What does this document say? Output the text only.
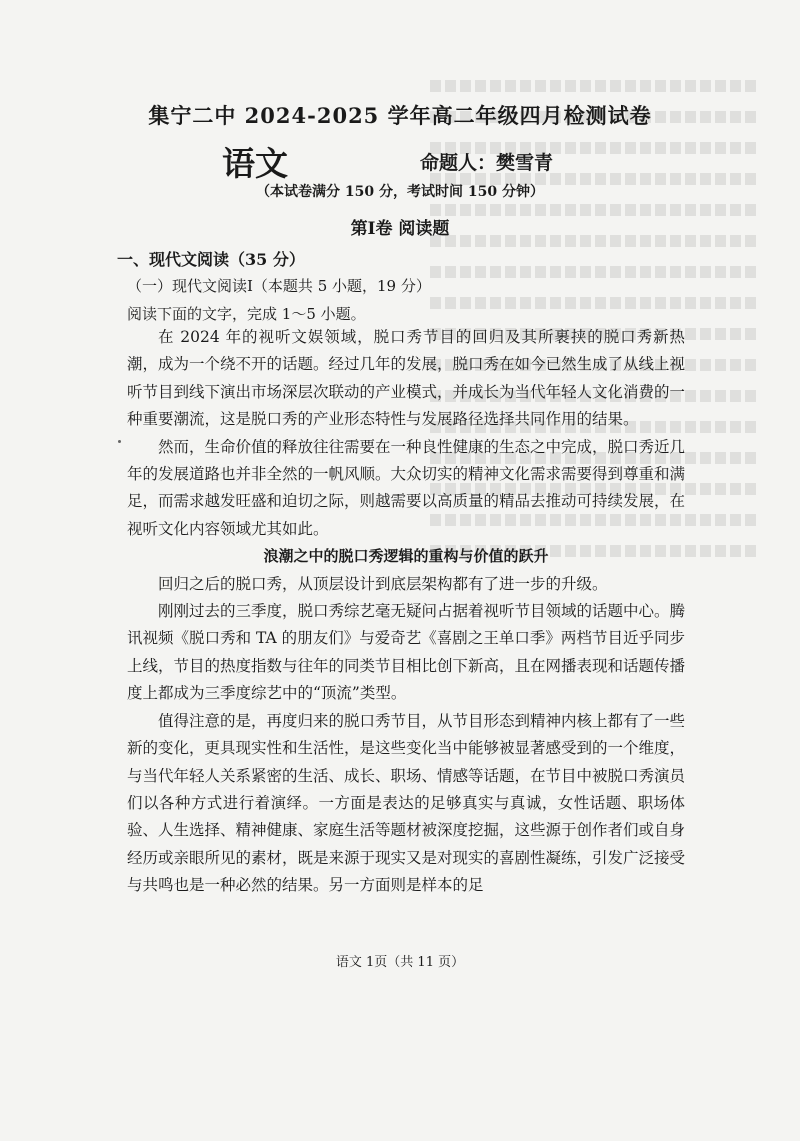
集宁二中 2024-2025 学年高二年级四月检测试卷
语文	命题人：樊雪青
（本试卷满分 150 分，考试时间 150 分钟）
第Ⅰ卷 阅读题
一、现代文阅读（35 分）
（一）现代文阅读Ⅰ（本题共 5 小题，19 分）
阅读下面的文字，完成 1～5 小题。

在 2024 年的视听文娱领域，脱口秀节目的回归及其所裹挟的脱口秀新热潮，成为一个绕不开的话题。经过几年的发展，脱口秀在如今已然生成了从线上视听节目到线下演出市场深层次联动的产业模式，并成长为当代年轻人文化消费的一种重要潮流，这是脱口秀的产业形态特性与发展路径选择共同作用的结果。

然而，生命价值的释放往往需要在一种良性健康的生态之中完成，脱口秀近几年的发展道路也并非全然的一帆风顺。大众切实的精神文化需求需要得到尊重和满足，而需求越发旺盛和迫切之际，则越需要以高质量的精品去推动可持续发展，在视听文化内容领域尤其如此。

浪潮之中的脱口秀逻辑的重构与价值的跃升

回归之后的脱口秀，从顶层设计到底层架构都有了进一步的升级。

刚刚过去的三季度，脱口秀综艺毫无疑问占据着视听节目领域的话题中心。腾讯视频《脱口秀和 TA 的朋友们》与爱奇艺《喜剧之王单口季》两档节目近乎同步上线，节目的热度指数与往年的同类节目相比创下新高，且在网播表现和话题传播度上都成为三季度综艺中的“顶流”类型。

值得注意的是，再度归来的脱口秀节目，从节目形态到精神内核上都有了一些新的变化，更具现实性和生活性，是这些变化当中能够被显著感受到的一个维度，与当代年轻人关系紧密的生活、成长、职场、情感等话题，在节目中被脱口秀演员们以各种方式进行着演绎。一方面是表达的足够真实与真诚，女性话题、职场体验、人生选择、精神健康、家庭生活等题材被深度挖掘，这些源于创作者们或自身经历或亲眼所见的素材，既是来源于现实又是对现实的喜剧性凝练，引发广泛接受与共鸣也是一种必然的结果。另一方面则是样本的足

语文 1页（共 11 页）
